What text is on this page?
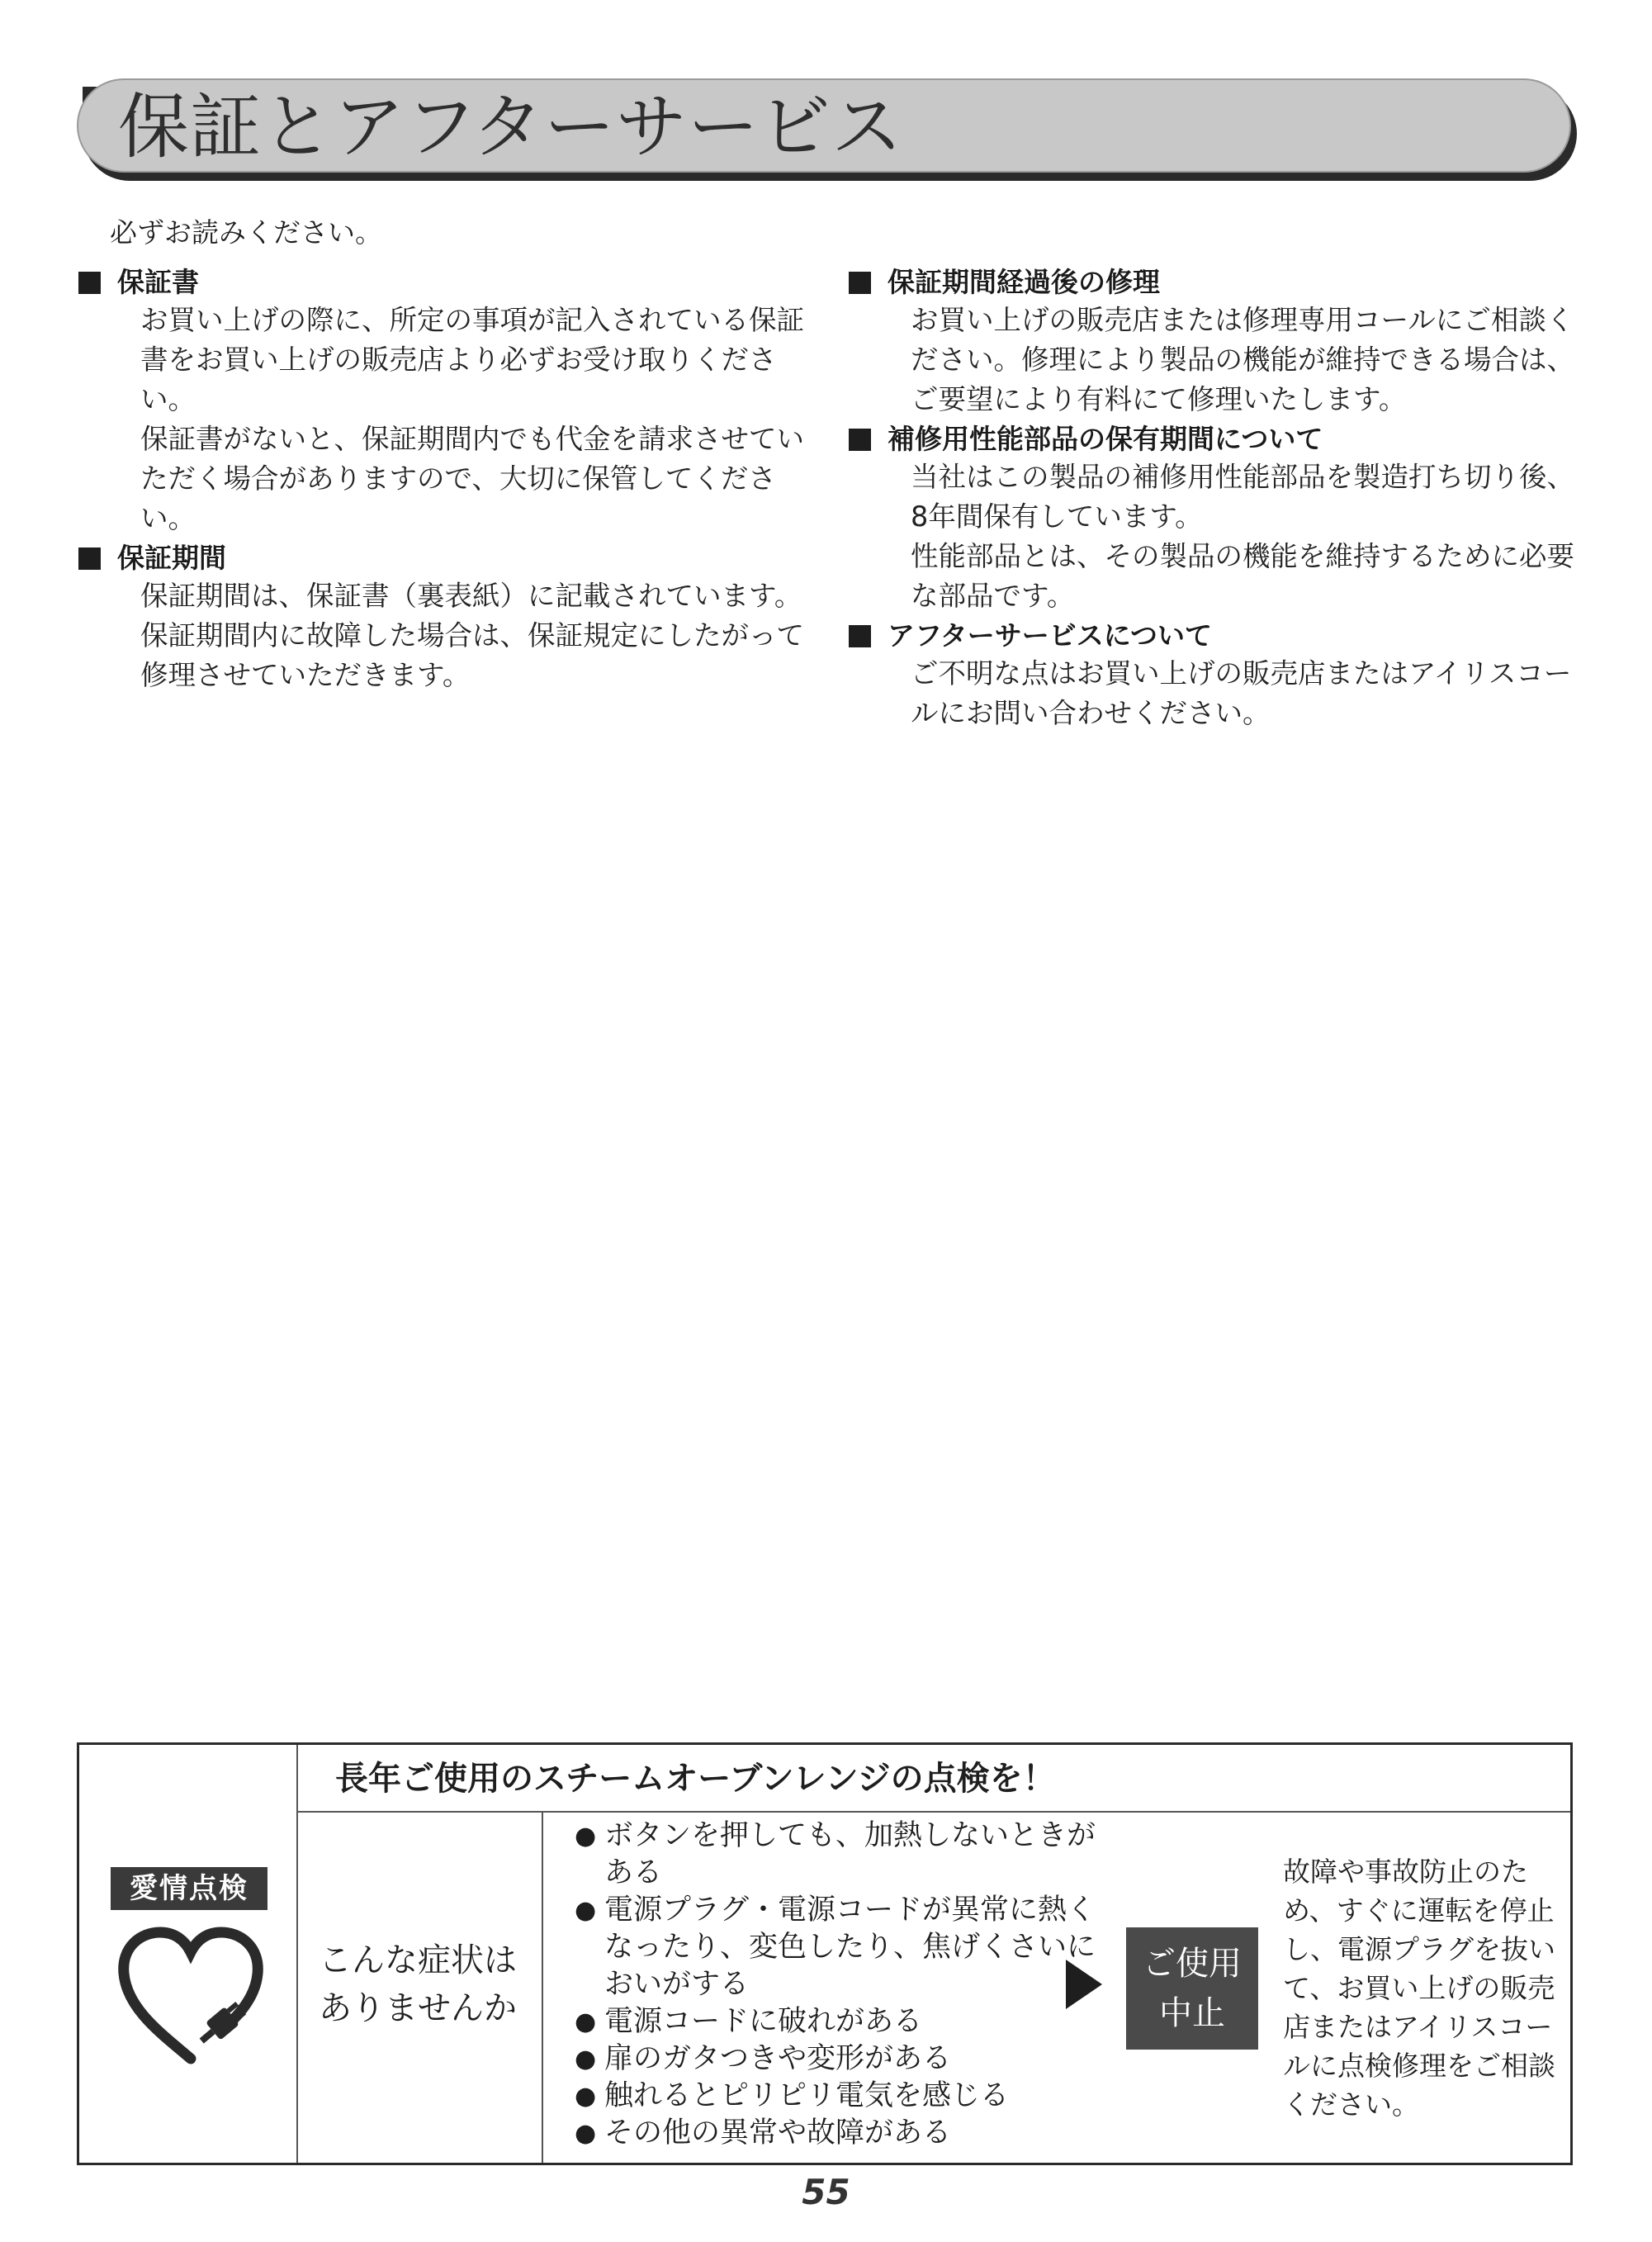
保証とアフターサービス
必ずお読みください。
保証書

お買い上げの際に、所定の事項が記入されている保証書をお買い上げの販売店より必ずお受け取りください。

保証書がないと、保証期間内でも代金を請求させていただく場合がありますので、大切に保管してください。

保証期間

保証期間は、保証書（裏表紙）に記載されています。保証期間内に故障した場合は、保証規定にしたがって修理させていただきます。

保証期間経過後の修理

お買い上げの販売店または修理専用コールにご相談ください。修理により製品の機能が維持できる場合は、ご要望により有料にて修理いたします。

補修用性能部品の保有期間について

当社はこの製品の補修用性能部品を製造打ち切り後、8年間保有しています。

性能部品とは、その製品の機能を維持するために必要な部品です。

アフターサービスについて

ご不明な点はお買い上げの販売店またはアイリスコールにお問い合わせください。

愛情点検
長年ご使用のスチームオーブンレンジの点検を！
こんな症状は
ありませんか
● ボタンを押しても、加熱しないときがある
● 電源プラグ・電源コードが異常に熱くなったり、変色したり、焦げくさいにおいがする
● 電源コードに破れがある
● 扉のガタつきや変形がある
● 触れるとピリピリ電気を感じる
● その他の異常や故障がある
ご使用
中止
故障や事故防止のため、すぐに運転を停止し、電源プラグを抜いて、お買い上げの販売店またはアイリスコールに点検修理をご相談ください。
55
